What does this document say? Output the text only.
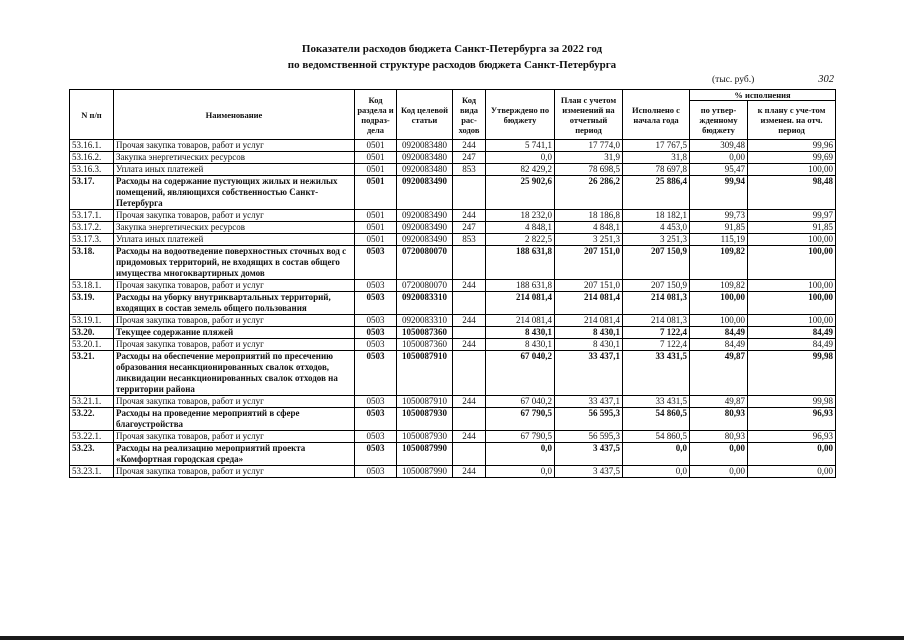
Показатели расходов бюджета Санкт-Петербурга за 2022 год
по ведомственной структуре расходов бюджета Санкт-Петербурга
(тыс. руб.)	302
N п/п	Наименование	Код раздела и подраз-дела	Код целевой статьи	Код вида рас-ходов	Утверждено по бюджету	План с учетом изменений на отчетный период	Исполнено с начала года	% исполнения	
								по утвер-жденному бюджету	к плану с уче-том изменен. на отч. период
53.16.1.	Прочая закупка товаров, работ и услуг	0501	0920083480	244	5 741,1	17 774,0	17 767,5	309,48	99,96
53.16.2.	Закупка энергетических ресурсов	0501	0920083480	247	0,0	31,9	31,8	0,00	99,69
53.16.3.	Уплата иных платежей	0501	0920083480	853	82 429,2	78 698,5	78 697,8	95,47	100,00
53.17.	Расходы на содержание пустующих жилых и нежилых помещений, являющихся собственностью Санкт-Петербурга	0501	0920083490		25 902,6	26 286,2	25 886,4	99,94	98,48
53.17.1.	Прочая закупка товаров, работ и услуг	0501	0920083490	244	18 232,0	18 186,8	18 182,1	99,73	99,97
53.17.2.	Закупка энергетических ресурсов	0501	0920083490	247	4 848,1	4 848,1	4 453,0	91,85	91,85
53.17.3.	Уплата иных платежей	0501	0920083490	853	2 822,5	3 251,3	3 251,3	115,19	100,00
53.18.	Расходы на водоотведение поверхностных сточных вод с придомовых территорий, не входящих в состав общего имущества многоквартирных домов	0503	0720080070		188 631,8	207 151,0	207 150,9	109,82	100,00
53.18.1.	Прочая закупка товаров, работ и услуг	0503	0720080070	244	188 631,8	207 151,0	207 150,9	109,82	100,00
53.19.	Расходы на уборку внутриквартальных территорий, входящих в состав земель общего пользования	0503	0920083310		214 081,4	214 081,4	214 081,3	100,00	100,00
53.19.1.	Прочая закупка товаров, работ и услуг	0503	0920083310	244	214 081,4	214 081,4	214 081,3	100,00	100,00
53.20.	Текущее содержание пляжей	0503	1050087360		8 430,1	8 430,1	7 122,4	84,49	84,49
53.20.1.	Прочая закупка товаров, работ и услуг	0503	1050087360	244	8 430,1	8 430,1	7 122,4	84,49	84,49
53.21.	Расходы на обеспечение мероприятий по пресечению образования несанкционированных свалок отходов, ликвидации несанкционированных свалок отходов на территории района	0503	1050087910		67 040,2	33 437,1	33 431,5	49,87	99,98
53.21.1.	Прочая закупка товаров, работ и услуг	0503	1050087910	244	67 040,2	33 437,1	33 431,5	49,87	99,98
53.22.	Расходы на проведение мероприятий в сфере благоустройства	0503	1050087930		67 790,5	56 595,3	54 860,5	80,93	96,93
53.22.1.	Прочая закупка товаров, работ и услуг	0503	1050087930	244	67 790,5	56 595,3	54 860,5	80,93	96,93
53.23.	Расходы на реализацию мероприятий проекта «Комфортная городская среда»	0503	1050087990		0,0	3 437,5	0,0	0,00	0,00
53.23.1.	Прочая закупка товаров, работ и услуг	0503	1050087990	244	0,0	3 437,5	0,0	0,00	0,00
